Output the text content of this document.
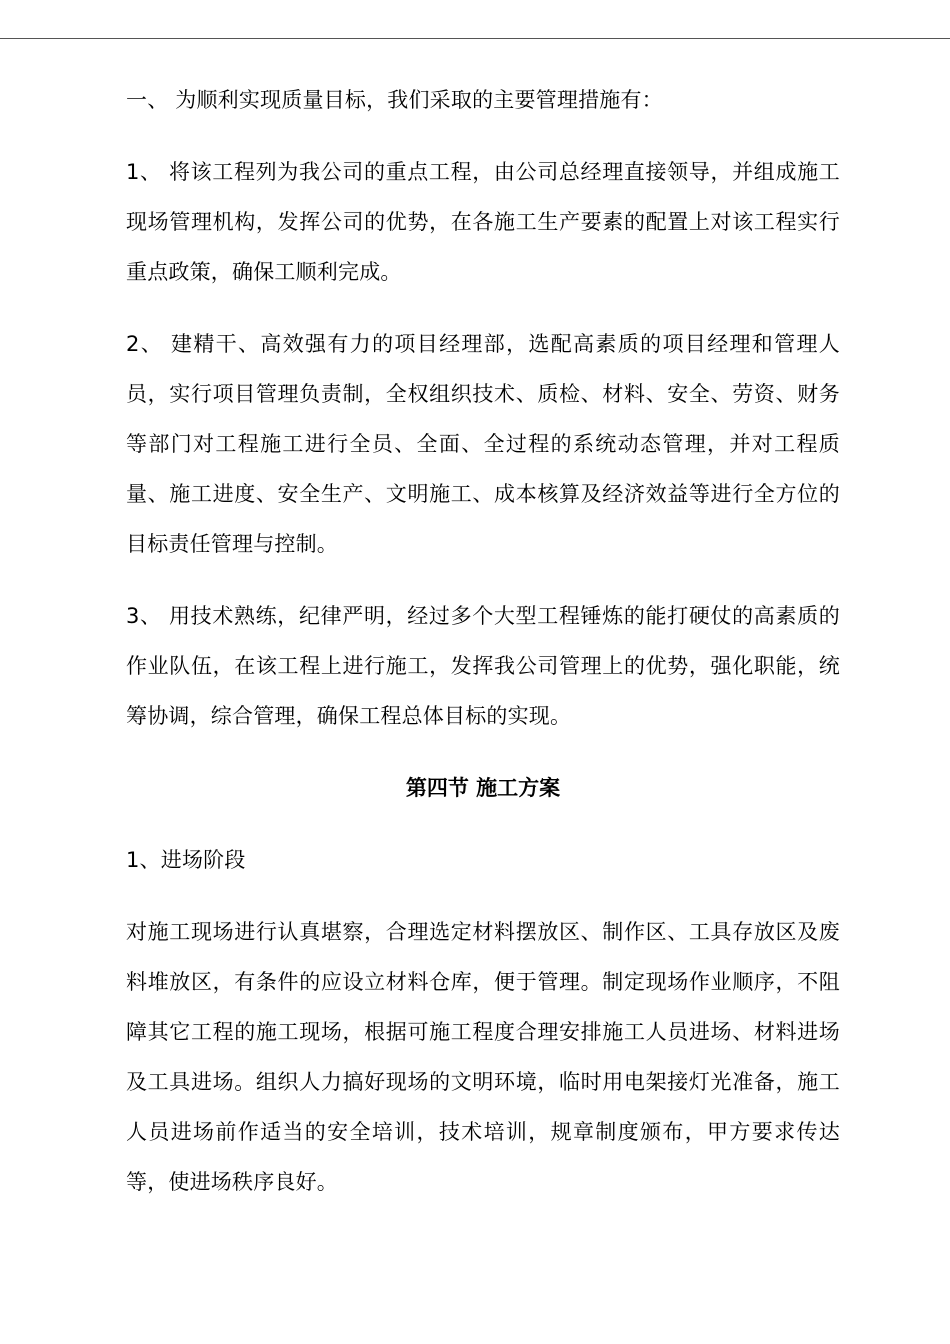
一、 为顺利实现质量目标，我们采取的主要管理措施有：

1、 将该工程列为我公司的重点工程，由公司总经理直接领导，并组成施工现场管理机构，发挥公司的优势，在各施工生产要素的配置上对该工程实行重点政策，确保工顺利完成。

2、 建精干、高效强有力的项目经理部，选配高素质的项目经理和管理人员，实行项目管理负责制，全权组织技术、质检、材料、安全、劳资、财务等部门对工程施工进行全员、全面、全过程的系统动态管理，并对工程质量、施工进度、安全生产、文明施工、成本核算及经济效益等进行全方位的目标责任管理与控制。

3、 用技术熟练，纪律严明，经过多个大型工程锤炼的能打硬仗的高素质的作业队伍，在该工程上进行施工，发挥我公司管理上的优势，强化职能，统筹协调，综合管理，确保工程总体目标的实现。

第四节 施工方案

1、进场阶段

对施工现场进行认真堪察，合理选定材料摆放区、制作区、工具存放区及废料堆放区，有条件的应设立材料仓库，便于管理。制定现场作业顺序，不阻障其它工程的施工现场，根据可施工程度合理安排施工人员进场、材料进场及工具进场。组织人力搞好现场的文明环境，临时用电架接灯光准备，施工人员进场前作适当的安全培训，技术培训，规章制度颁布，甲方要求传达等，使进场秩序良好。
